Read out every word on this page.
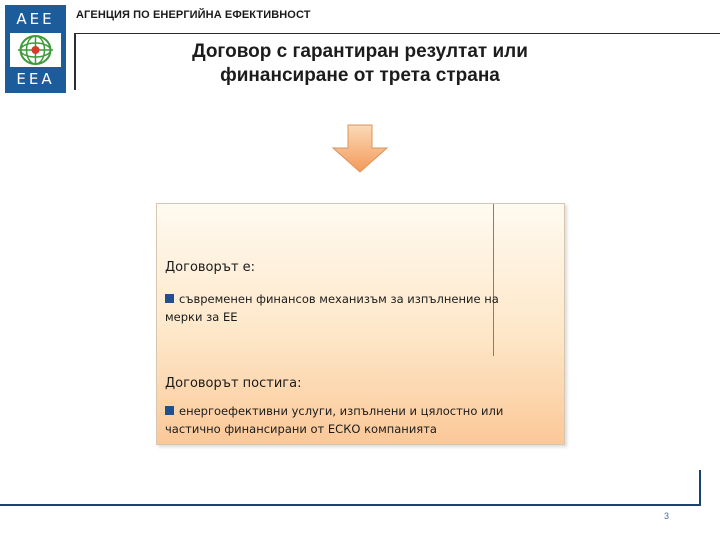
AEE
EEA
АГЕНЦИЯ ПО ЕНЕРГИЙНА ЕФЕКТИВНОСТ
Договор с гарантиран резултат или
финансиране от трета страна
Договорът е:
съвременен финансов механизъм за изпълнение на
мерки за ЕЕ
Договорът постига:
енергоефективни услуги, изпълнени и цялостно или
частично финансирани от ЕСКО компанията
3
